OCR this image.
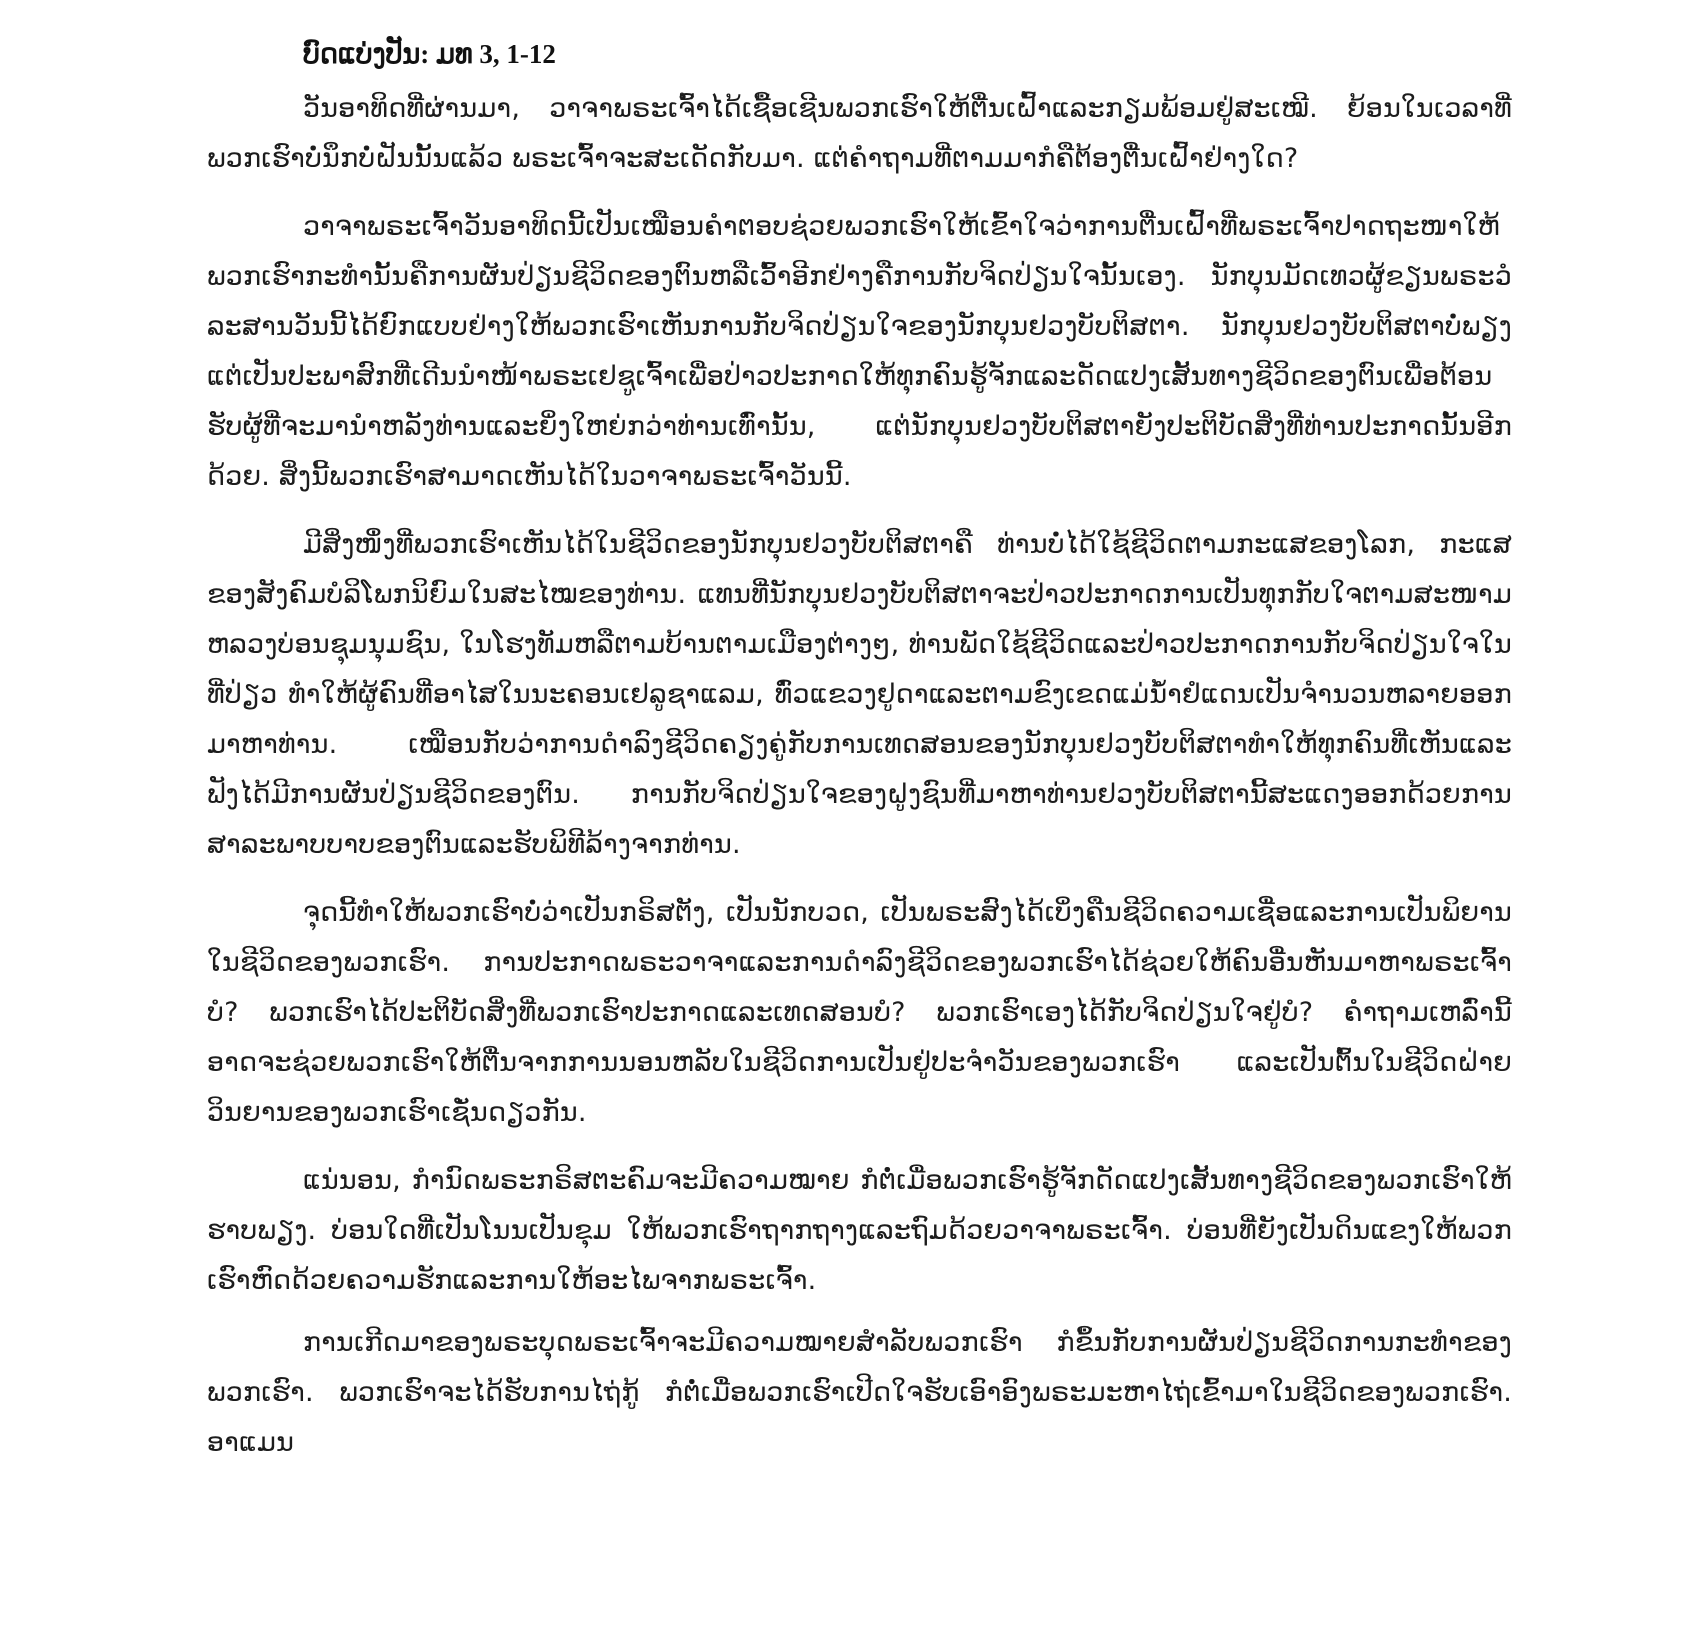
ບົດແບ່ງປັນ: ມທ 3, 1-12

ວັນອາທິດທີ່ຜ່ານມາ, ວາຈາພຣະເຈົ້າໄດ້ເຊື້ອເຊີນພວກເຮົາໃຫ້ຕື່ນເຝົ້າແລະກຽມພ້ອມຢູ່ສະເໝີ. ຍ້ອນໃນເວລາທີ່ພວກເຮົາບໍ່ນຶກບໍ່ຝັນນັ້ນແລ້ວ ພຣະເຈົ້າຈະສະເດັດກັບມາ. ແຕ່ຄໍາຖາມທີ່ຕາມມາກໍຄືຕ້ອງຕື່ນເຝົ້າຢ່າງໃດ?

ວາຈາພຣະເຈົ້າວັນອາທິດນີ້ເປັນເໝືອນຄໍາຕອບຊ່ວຍພວກເຮົາໃຫ້ເຂົ້າໃຈວ່າການຕື່ນເຝົ້າທີ່ພຣະເຈົ້າປາດຖະໜາໃຫ້ພວກເຮົາກະທໍານັ້ນຄືການຜັນປ່ຽນຊີວິດຂອງຕົນຫລືເວົ້າອີກຢ່າງຄືການກັບຈິດປ່ຽນໃຈນັ້ນເອງ. ນັກບຸນມັດເທວຜູ້ຂຽນພຣະວໍລະສານວັນນີ້ໄດ້ຍົກແບບຢ່າງໃຫ້ພວກເຮົາເຫັນການກັບຈິດປ່ຽນໃຈຂອງນັກບຸນຢວງບັບຕິສຕາ. ນັກບຸນຢວງບັບຕິສຕາບໍ່ພຽງແຕ່ເປັນປະພາສົກທີ່ເດີນນໍາໜ້າພຣະເຢຊູເຈົ້າເພື່ອປ່າວປະກາດໃຫ້ທຸກຄົນຮູ້ຈັກແລະດັດແປງເສັ້ນທາງຊີວິດຂອງຕົນເພື່ອຕ້ອນຮັບຜູ້ທີ່ຈະມານໍາຫລັງທ່ານແລະຍິ່ງໃຫຍ່ກວ່າທ່ານເທົ່ານັ້ນ, ແຕ່ນັກບຸນຢວງບັບຕິສຕາຍັງປະຕິບັດສິ່ງທີ່ທ່ານປະກາດນັ້ນອີກດ້ວຍ. ສິ່ງນີ້ພວກເຮົາສາມາດເຫັນໄດ້ໃນວາຈາພຣະເຈົ້າວັນນີ້.

ມີສິ່ງໜຶ່ງທີ່ພວກເຮົາເຫັນໄດ້ໃນຊີວິດຂອງນັກບຸນຢວງບັບຕິສຕາຄື ທ່ານບໍ່ໄດ້ໃຊ້ຊີວິດຕາມກະແສຂອງໂລກ, ກະແສຂອງສັງຄົມບໍລິໂພກນິຍົມໃນສະໄໝຂອງທ່ານ. ແທນທີ່ນັກບຸນຢວງບັບຕິສຕາຈະປ່າວປະກາດການເປັນທຸກກັບໃຈຕາມສະໜາມຫລວງບ່ອນຊຸມນຸມຊົນ, ໃນໂຮງທັມຫລືຕາມບ້ານຕາມເມືອງຕ່າງໆ, ທ່ານພັດໃຊ້ຊີວິດແລະປ່າວປະກາດການກັບຈິດປ່ຽນໃຈໃນທີ່ປ່ຽວ ທໍາໃຫ້ຜູ້ຄົນທີ່ອາໄສໃນນະຄອນເຢລູຊາແລມ, ທົ່ວແຂວງຢູດາແລະຕາມຂົງເຂດແມ່ນໍ້າຢໍແດນເປັນຈໍານວນຫລາຍອອກມາຫາທ່ານ. ເໝືອນກັບວ່າການດໍາລົງຊີວິດຄຽງຄູ່ກັບການເທດສອນຂອງນັກບຸນຢວງບັບຕິສຕາທໍາໃຫ້ທຸກຄົນທີ່ເຫັນແລະຟັງໄດ້ມີການຜັນປ່ຽນຊີວິດຂອງຕົນ. ການກັບຈິດປ່ຽນໃຈຂອງຝູງຊົນທີ່ມາຫາທ່ານຢວງບັບຕິສຕານີ້ສະແດງອອກດ້ວຍການສາລະພາບບາບຂອງຕົນແລະຮັບພິທີລ້າງຈາກທ່ານ.

ຈຸດນີ້ທໍາໃຫ້ພວກເຮົາບໍ່ວ່າເປັນກຣິສຕັງ, ເປັນນັກບວດ, ເປັນພຣະສົງໄດ້ເບິ່ງຄືນຊີວິດຄວາມເຊື່ອແລະການເປັນພິຍານໃນຊີວິດຂອງພວກເຮົາ. ການປະກາດພຣະວາຈາແລະການດໍາລົງຊີວິດຂອງພວກເຮົາໄດ້ຊ່ວຍໃຫ້ຄົນອື່ນຫັນມາຫາພຣະເຈົ້າບໍ? ພວກເຮົາໄດ້ປະຕິບັດສິ່ງທີ່ພວກເຮົາປະກາດແລະເທດສອນບໍ? ພວກເຮົາເອງໄດ້ກັບຈິດປ່ຽນໃຈຢູ່ບໍ? ຄໍາຖາມເຫລົ່ານີ້ອາດຈະຊ່ວຍພວກເຮົາໃຫ້ຕື່ນຈາກການນອນຫລັບໃນຊີວິດການເປັນຢູ່ປະຈໍາວັນຂອງພວກເຮົາ ແລະເປັນຕົ້ນໃນຊີວິດຝ່າຍວິນຍານຂອງພວກເຮົາເຊັ່ນດຽວກັນ.

ແນ່ນອນ, ກໍານົດພຣະກຣິສຕະຄົມຈະມີຄວາມໝາຍ ກໍຕໍ່ເມື່ອພວກເຮົາຮູ້ຈັກດັດແປງເສັ້ນທາງຊີວິດຂອງພວກເຮົາໃຫ້ຮາບພຽງ. ບ່ອນໃດທີ່ເປັນໂນນເປັນຂຸມ ໃຫ້ພວກເຮົາຖາກຖາງແລະຖົມດ້ວຍວາຈາພຣະເຈົ້າ. ບ່ອນທີ່ຍັງເປັນດິນແຂງໃຫ້ພວກເຮົາຫົດດ້ວຍຄວາມຮັກແລະການໃຫ້ອະໄພຈາກພຣະເຈົ້າ.

ການເກີດມາຂອງພຣະບຸດພຣະເຈົ້າຈະມີຄວາມໝາຍສໍາລັບພວກເຮົາ ກໍຂຶ້ນກັບການຜັນປ່ຽນຊີວິດການກະທໍາຂອງພວກເຮົາ. ພວກເຮົາຈະໄດ້ຮັບການໄຖ່ກູ້ ກໍຕໍ່ເມື່ອພວກເຮົາເປີດໃຈຮັບເອົາອົງພຣະມະຫາໄຖ່ເຂົ້າມາໃນຊີວິດຂອງພວກເຮົາ. ອາແມນ
